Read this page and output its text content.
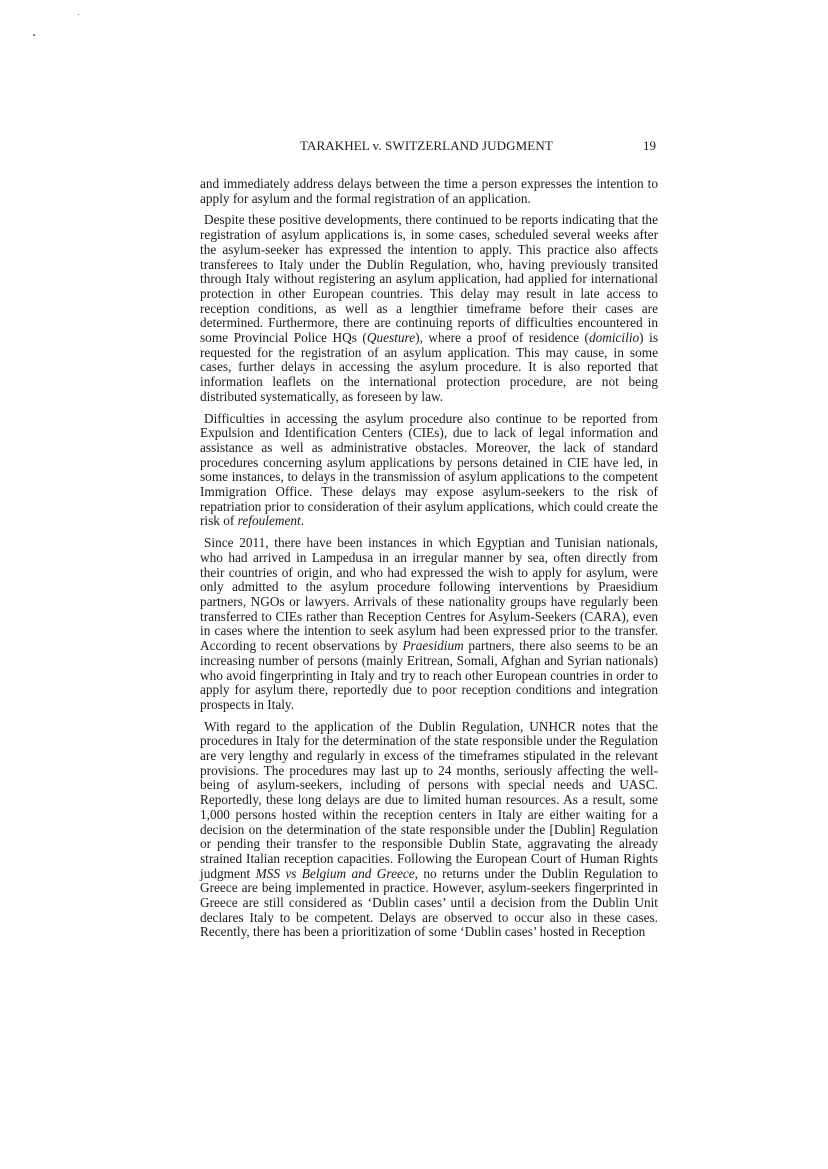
TARAKHEL v. SWITZERLAND JUDGMENT	19

and immediately address delays between the time a person expresses the intention to apply for asylum and the formal registration of an application.

Despite these positive developments, there continued to be reports indicating that the registration of asylum applications is, in some cases, scheduled several weeks after the asylum-seeker has expressed the intention to apply. This practice also affects transferees to Italy under the Dublin Regulation, who, having previously transited through Italy without registering an asylum application, had applied for international protection in other European countries. This delay may result in late access to reception conditions, as well as a lengthier timeframe before their cases are determined. Furthermore, there are continuing reports of difficulties encountered in some Provincial Police HQs (Questure), where a proof of residence (domicilio) is requested for the registration of an asylum application. This may cause, in some cases, further delays in accessing the asylum procedure. It is also reported that information leaflets on the international protection procedure, are not being distributed systematically, as foreseen by law.

Difficulties in accessing the asylum procedure also continue to be reported from Expulsion and Identification Centers (CIEs), due to lack of legal information and assistance as well as administrative obstacles. Moreover, the lack of standard procedures concerning asylum applications by persons detained in CIE have led, in some instances, to delays in the transmission of asylum applications to the competent Immigration Office. These delays may expose asylum-seekers to the risk of repatriation prior to consideration of their asylum applications, which could create the risk of refoulement.

Since 2011, there have been instances in which Egyptian and Tunisian nationals, who had arrived in Lampedusa in an irregular manner by sea, often directly from their countries of origin, and who had expressed the wish to apply for asylum, were only admitted to the asylum procedure following interventions by Praesidium partners, NGOs or lawyers. Arrivals of these nationality groups have regularly been transferred to CIEs rather than Reception Centres for Asylum-Seekers (CARA), even in cases where the intention to seek asylum had been expressed prior to the transfer. According to recent observations by Praesidium partners, there also seems to be an increasing number of persons (mainly Eritrean, Somali, Afghan and Syrian nationals) who avoid fingerprinting in Italy and try to reach other European countries in order to apply for asylum there, reportedly due to poor reception conditions and integration prospects in Italy.

With regard to the application of the Dublin Regulation, UNHCR notes that the procedures in Italy for the determination of the state responsible under the Regulation are very lengthy and regularly in excess of the timeframes stipulated in the relevant provisions. The procedures may last up to 24 months, seriously affecting the well-being of asylum-seekers, including of persons with special needs and UASC. Reportedly, these long delays are due to limited human resources. As a result, some 1,000 persons hosted within the reception centers in Italy are either waiting for a decision on the determination of the state responsible under the [Dublin] Regulation or pending their transfer to the responsible Dublin State, aggravating the already strained Italian reception capacities. Following the European Court of Human Rights judgment MSS vs Belgium and Greece, no returns under the Dublin Regulation to Greece are being implemented in practice. However, asylum-seekers fingerprinted in Greece are still considered as ‘Dublin cases’ until a decision from the Dublin Unit declares Italy to be competent. Delays are observed to occur also in these cases. Recently, there has been a prioritization of some ‘Dublin cases’ hosted in Reception
